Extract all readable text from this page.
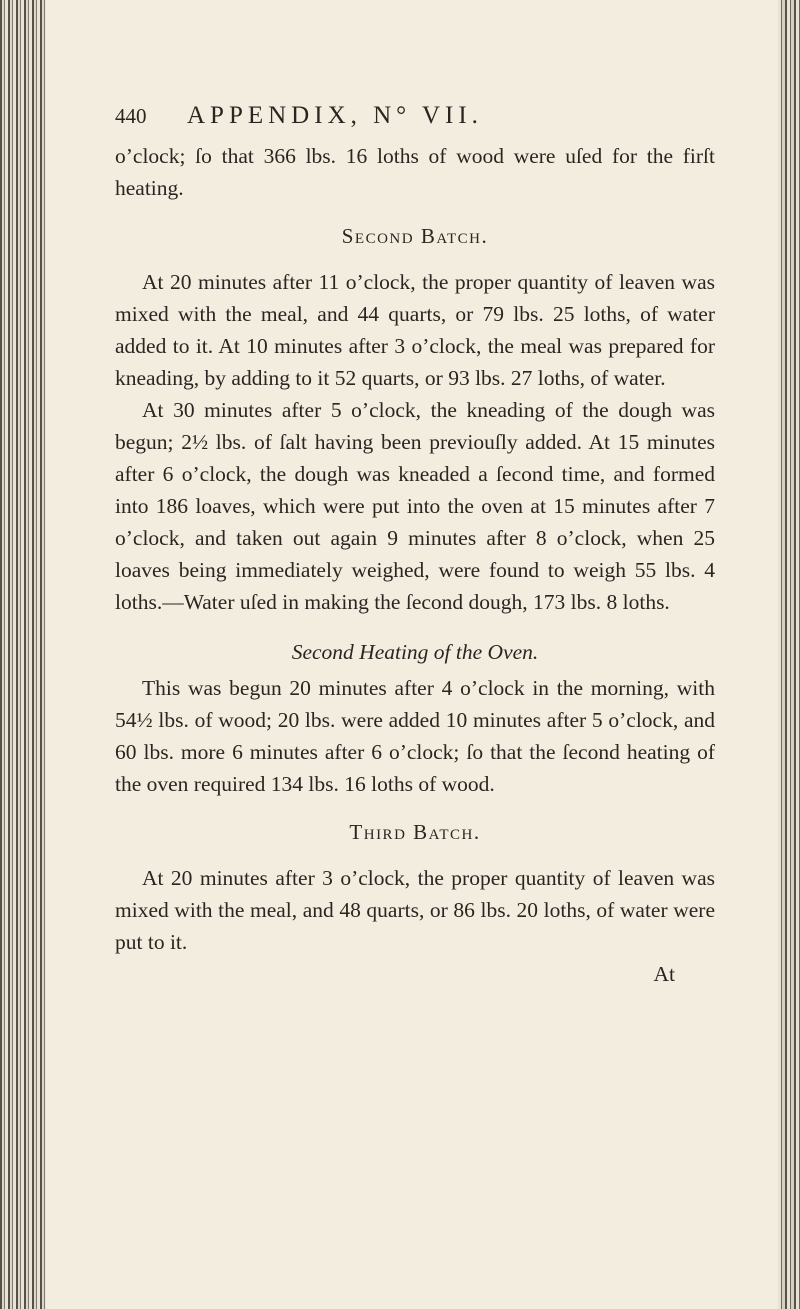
440	APPENDIX, N° VII.

o’clock; ſo that 366 lbs. 16 loths of wood were uſed for the firſt heating.

Second Batch.

At 20 minutes after 11 o’clock, the proper quantity of leaven was mixed with the meal, and 44 quarts, or 79 lbs. 25 loths, of water added to it. At 10 minutes after 3 o’clock, the meal was prepared for kneading, by adding to it 52 quarts, or 93 lbs. 27 loths, of water.

At 30 minutes after 5 o’clock, the kneading of the dough was begun; 2½ lbs. of ſalt having been previouſly added. At 15 minutes after 6 o’clock, the dough was kneaded a ſecond time, and formed into 186 loaves, which were put into the oven at 15 minutes after 7 o’clock, and taken out again 9 minutes after 8 o’clock, when 25 loaves being immediately weighed, were found to weigh 55 lbs. 4 loths.—Water uſed in making the ſecond dough, 173 lbs. 8 loths.

Second Heating of the Oven.

This was begun 20 minutes after 4 o’clock in the morning, with 54½ lbs. of wood; 20 lbs. were added 10 minutes after 5 o’clock, and 60 lbs. more 6 minutes after 6 o’clock; ſo that the ſecond heating of the oven required 134 lbs. 16 loths of wood.

Third Batch.

At 20 minutes after 3 o’clock, the proper quantity of leaven was mixed with the meal, and 48 quarts, or 86 lbs. 20 loths, of water were put to it.

At
